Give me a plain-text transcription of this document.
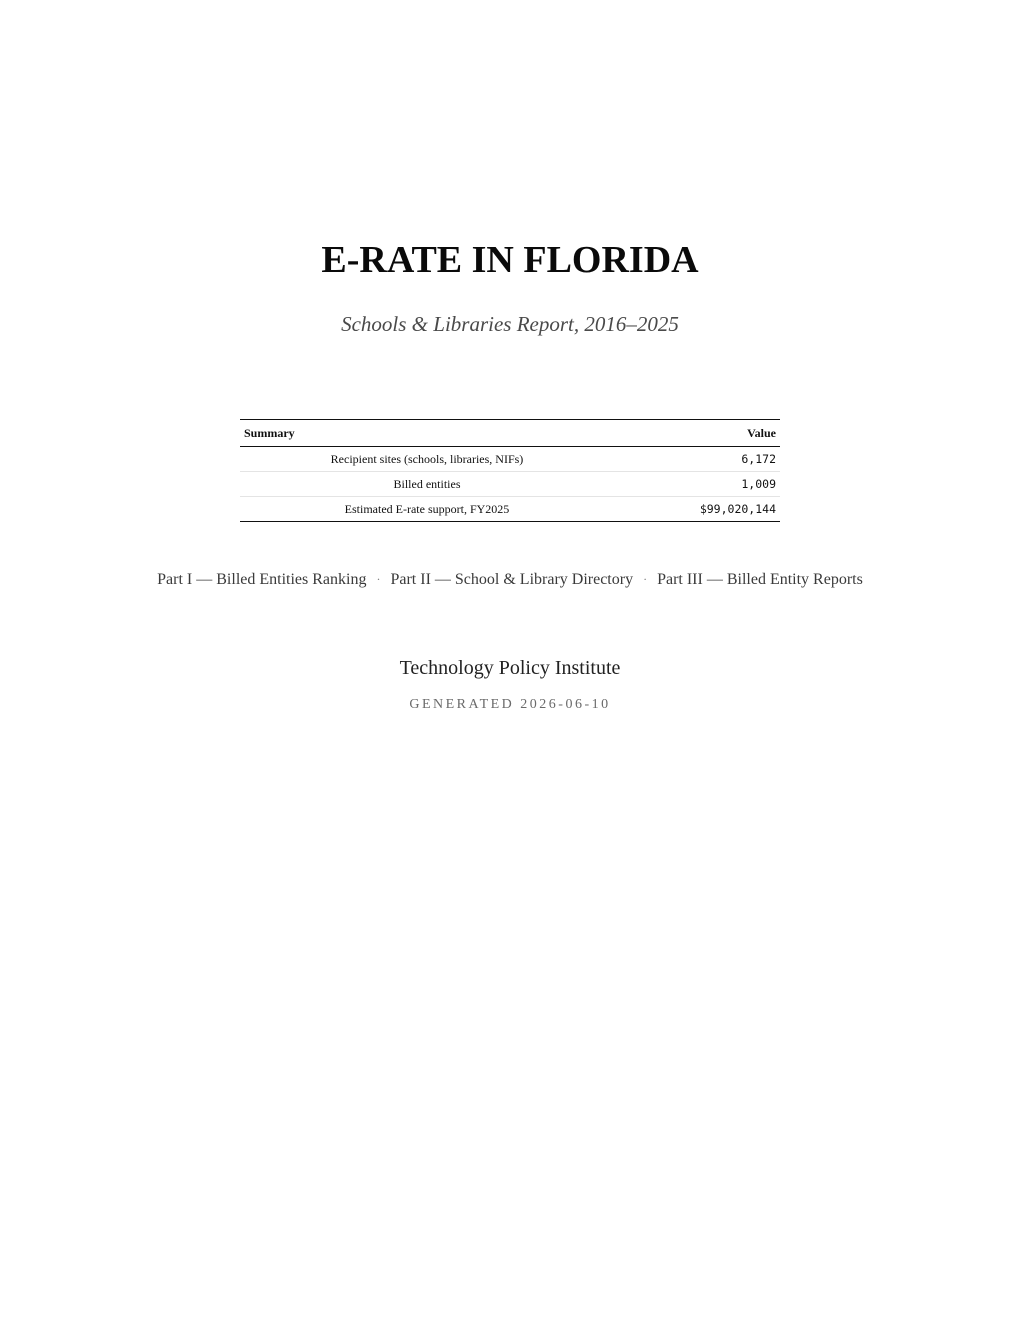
E-RATE IN FLORIDA
Schools & Libraries Report, 2016–2025
Summary	Value
Recipient sites (schools, libraries, NIFs)	6,172
Billed entities	1,009
Estimated E-rate support, FY2025	$99,020,144
Part I — Billed Entities Ranking · Part II — School & Library Directory · Part III — Billed Entity Reports
Technology Policy Institute
GENERATED 2026-06-10
